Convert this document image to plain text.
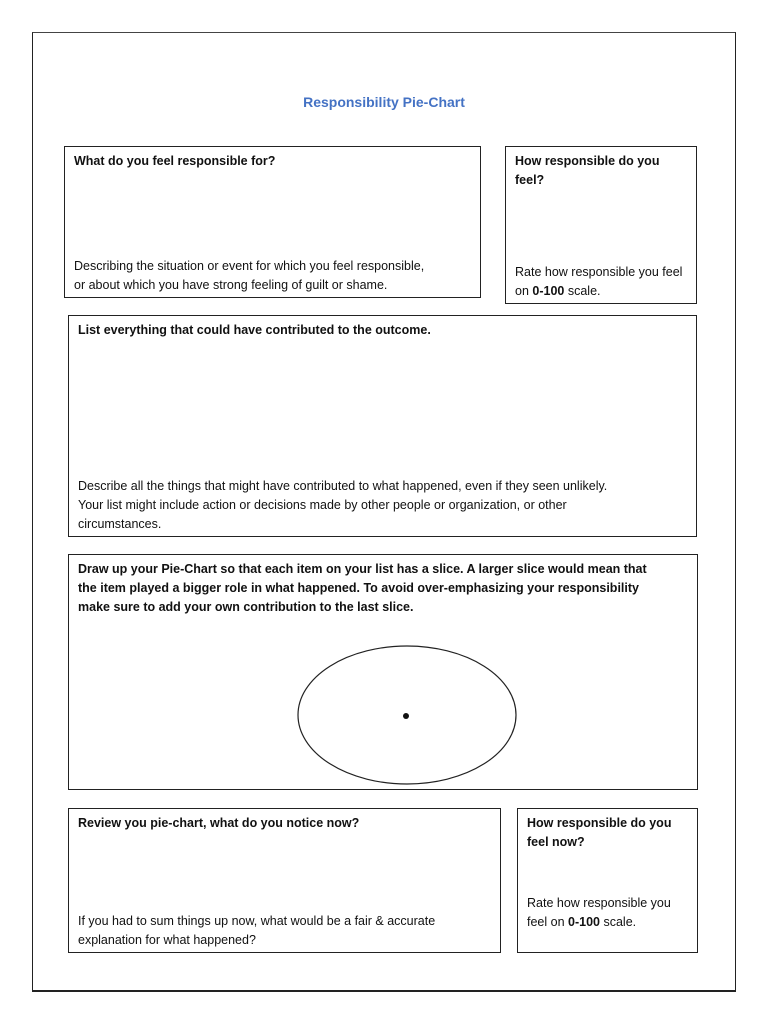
Responsibility Pie-Chart
What do you feel responsible for?
Describing the situation or event for which you feel responsible,
or about which you have strong feeling of guilt or shame.
How responsible do you feel?
Rate how responsible you feel on 0-100 scale.
List everything that could have contributed to the outcome.
Describe all the things that might have contributed to what happened, even if they seen unlikely.
Your list might include action or decisions made by other people or organization, or other
circumstances.
Draw up your Pie-Chart so that each item on your list has a slice. A larger slice would mean that
the item played a bigger role in what happened. To avoid over-emphasizing your responsibility
make sure to add your own contribution to the last slice.
Review you pie-chart, what do you notice now?
If you had to sum things up now, what would be a fair & accurate
explanation for what happened?
How responsible do you feel now?
Rate how responsible you feel on 0-100 scale.
